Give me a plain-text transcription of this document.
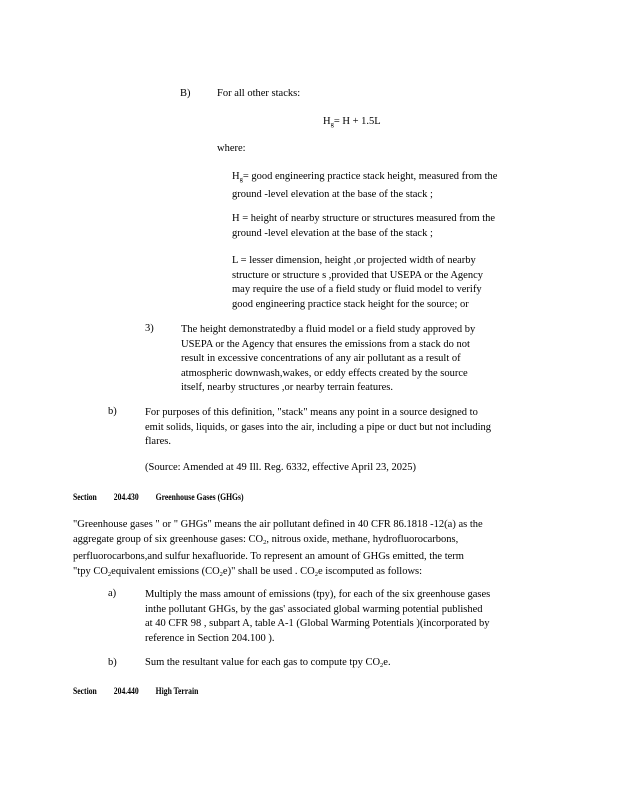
B)	For all other stacks:
$H_g= H + 1.5L$
where:
$H_g=$ good engineering practice stack height, measured from the
ground -level elevation at the base of the stack ;
H = height of nearby structure or structures measured from the
ground -level elevation at the base of the stack ;
L = lesser dimension, height ,or projected width of nearby
structure or structure s ,provided that USEPA or the Agency
may require the use of a field study or fluid model to verify
good engineering practice stack height for the source; or
3)	The height demonstratedby a fluid model or a field study approved by
USEPA or the Agency that ensures the emissions from a stack do not
result in excessive concentrations of any air pollutant as a result of
atmospheric downwash,wakes, or eddy effects created by the source
itself, nearby structures ,or nearby terrain features.
b)	For purposes of this definition, "stack" means any point in a source designed to
emit solids, liquids, or gases into the air, including a pipe or duct but not including
flares.
(Source: Amended at 49 Ill. Reg. 6332, effective April 23, 2025)
Section 204.430 Greenhouse Gases (GHGs)
"Greenhouse gases " or " GHGs" means the air pollutant defined in 40 CFR 86.1818 -12(a) as the
aggregate group of six greenhouse gases: $CO_2$, nitrous oxide, methane, hydrofluorocarbons,
perfluorocarbons,and sulfur hexafluoride. To represent an amount of GHGs emitted, the term
"tpy $CO_2equivalent$ emissions $(CO_2e)$" shall be used . $CO_2e$ iscomputed as follows:
a)	Multiply the mass amount of emissions (tpy), for each of the six greenhouse gases
inthe pollutant GHGs, by the gas' associated global warming potential published
at 40 CFR 98 , subpart A, table A-1 (Global Warming Potentials )(incorporated by
reference in Section 204.100 ).
b)	Sum the resultant value for each gas to compute tpy $CO_2e$.
Section 204.440 High Terrain
